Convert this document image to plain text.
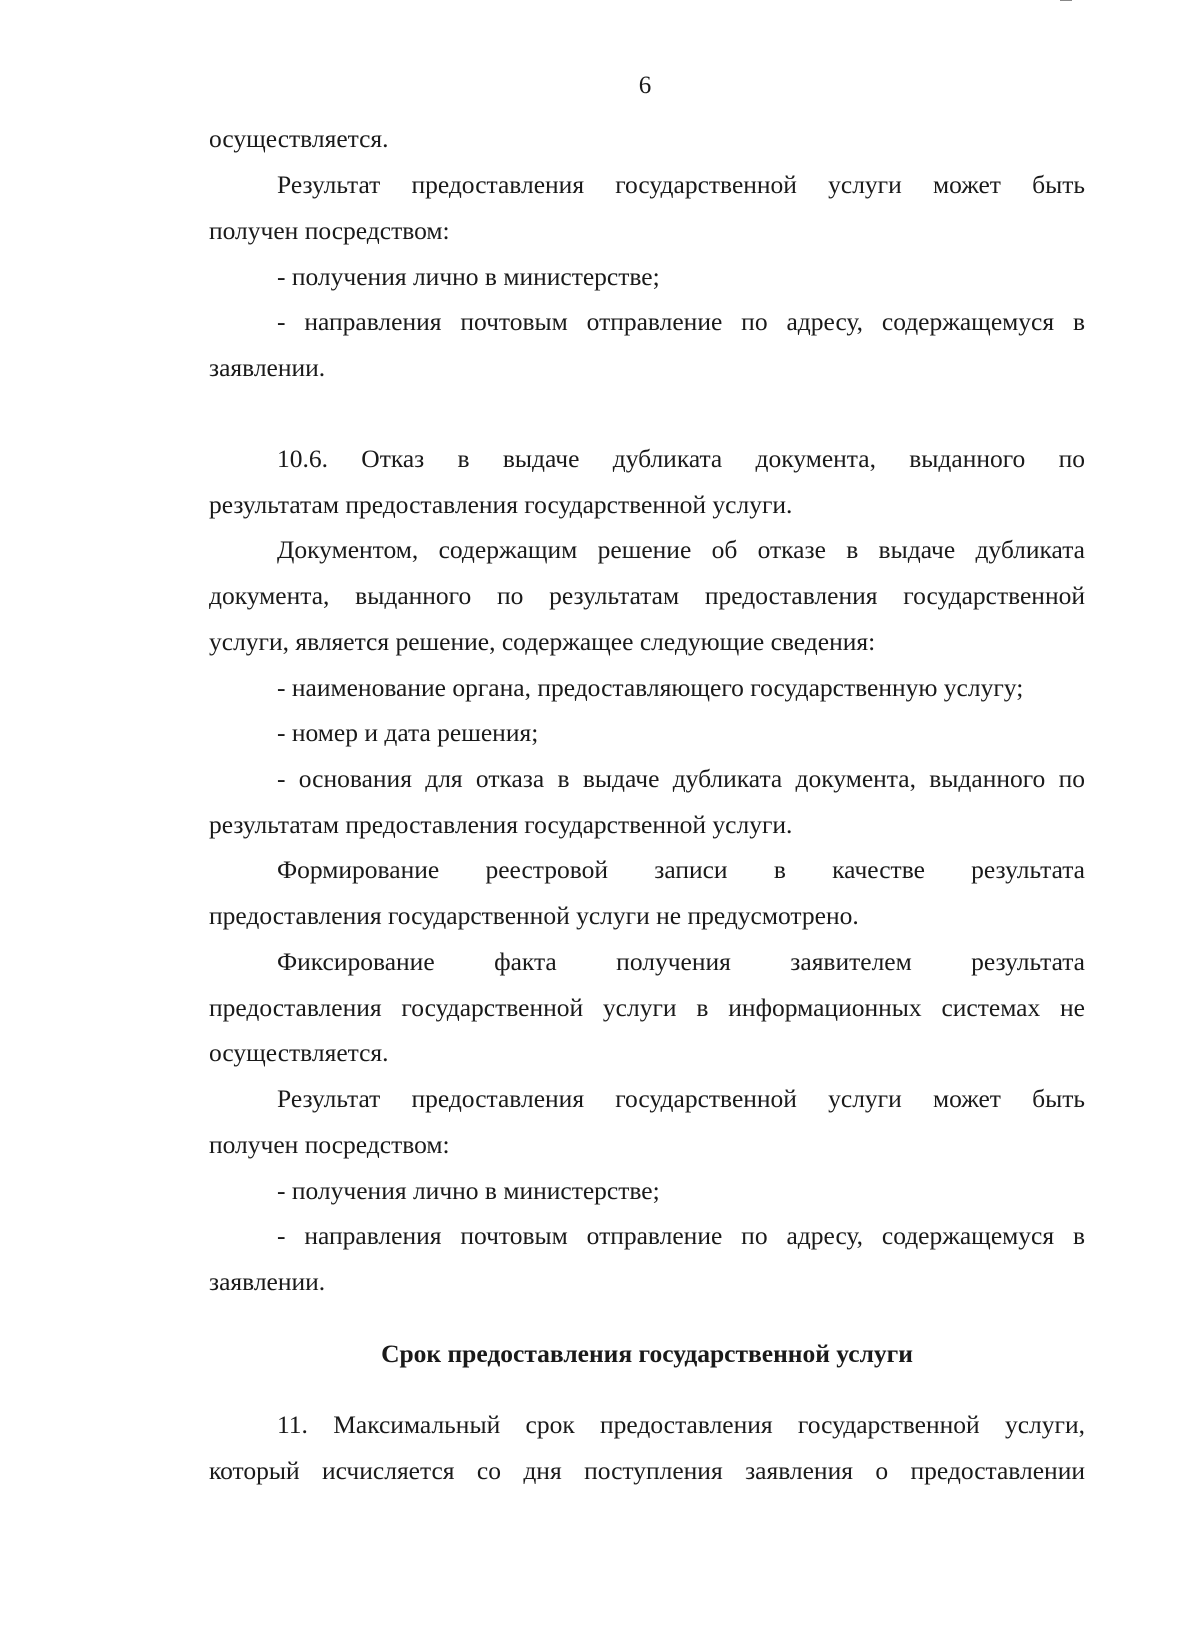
6
осуществляется.
Результат предоставления государственной услуги может быть
получен посредством:
- получения лично в министерстве;
- направления почтовым отправление по адресу, содержащемуся в
заявлении.
10.6. Отказ в выдаче дубликата документа, выданного по
результатам предоставления государственной услуги.
Документом, содержащим решение об отказе в выдаче дубликата
документа, выданного по результатам предоставления государственной
услуги, является решение, содержащее следующие сведения:
- наименование органа, предоставляющего государственную услугу;
- номер и дата решения;
- основания для отказа в выдаче дубликата документа, выданного по
результатам предоставления государственной услуги.
Формирование реестровой записи в качестве результата
предоставления государственной услуги не предусмотрено.
Фиксирование факта получения заявителем результата
предоставления государственной услуги в информационных системах не
осуществляется.
Результат предоставления государственной услуги может быть
получен посредством:
- получения лично в министерстве;
- направления почтовым отправление по адресу, содержащемуся в
заявлении.
Срок предоставления государственной услуги
11. Максимальный срок предоставления государственной услуги,
который исчисляется со дня поступления заявления о предоставлении
